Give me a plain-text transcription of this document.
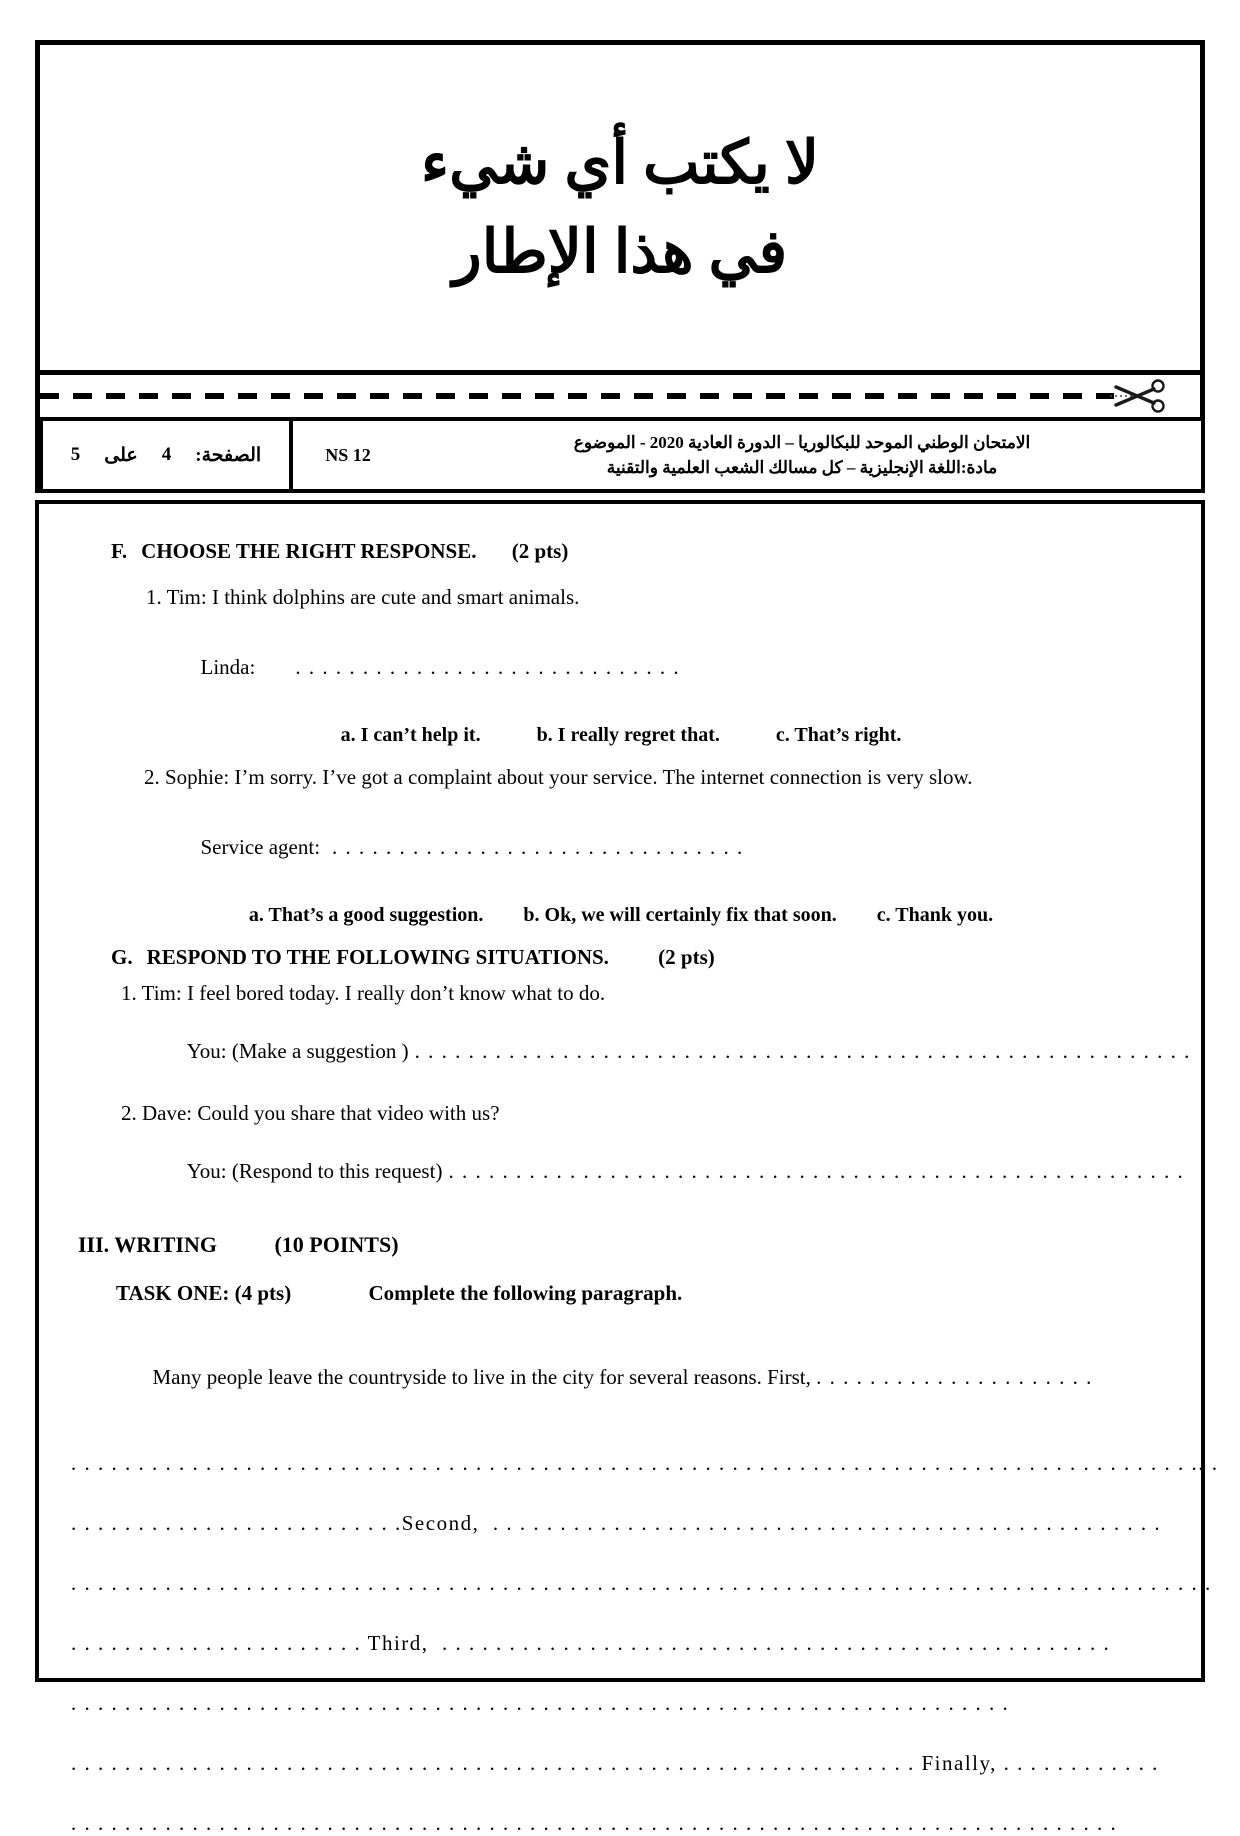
لا يكتب أي شيء
في هذا الإطار
الصفحة:
4
على
5	NS 12
الامتحان الوطني الموحد للبكالوريا – الدورة العادية 2020 - الموضوع
مادة:اللغة الإنجليزية – كل مسالك الشعب العلمية والتقنية
F. CHOOSE THE RIGHT RESPONSE. (2 pts)
1. Tim: I think dolphins are cute and smart animals.

Linda: . . . . . . . . . . . . . . . . . . . . . . . . . . . . .

a. I can’t help it.	b. I really regret that.	c. That’s right.
2. Sophie: I’m sorry. I’ve got a complaint about your service. The internet connection is very slow.

Service agent: . . . . . . . . . . . . . . . . . . . . . . . . . . . . . . .

a. That’s a good suggestion. b. Ok, we will certainly fix that soon. c. Thank you.
G. RESPOND TO THE FOLLOWING SITUATIONS. (2 pts)
1. Tim: I feel bored today. I really don’t know what to do.

You: (Make a suggestion ) . . . . . . . . . . . . . . . . . . . . . . . . . . . . . . . . . . . . . . . . . . . . . . . . . . . . . . . . . .

2. Dave: Could you share that video with us?

You: (Respond to this request) . . . . . . . . . . . . . . . . . . . . . . . . . . . . . . . . . . . . . . . . . . . . . . . . . . . . . . .

III. WRITING	(10 POINTS)
TASK ONE: (4 pts)	Complete the following paragraph.

Many people leave the countryside to live in the city for several reasons. First, . . . . . . . . . . . . . . . . . . . . .

. . . . . . . . . . . . . . . . . . . . . . . . . . . . . . . . . . . . . . . . . . . . . . . . . . . . . . . . . . . . . . . . . . . . . . . . . . . . . . . . . . . .. .
. . . . . . . . . . . . . . . . . . . . . . . . .Second,  . . . . . . . . . . . . . . . . . . . . . . . . . . . . . . . . . . . . . . . . . . . . . . . . . .
. . . . . . . . . . . . . . . . . . . . . . . . . . . . . . . . . . . . . . . . . . . . . . . . . . . . . . . . . . . . . . . . . . . . . . . . . . . . . . . . . . . . .
. . . . . . . . . . . . . . . . . . . . . . Third,  . . . . . . . . . . . . . . . . . . . . . . . . . . . . . . . . . . . . . . . . . . . . . . . . . .
. . . . . . . . . . . . . . . . . . . . . . . . . . . . . . . . . . . . . . . . . . . . . . . . . . . . . . . . . . . . . . . . . . . . . .
. . . . . . . . . . . . . . . . . . . . . . . . . . . . . . . . . . . . . . . . . . . . . . . . . . . . . . . . . . . . . . . Finally, . . . . . . . . . . . .
. . . . . . . . . . . . . . . . . . . . . . . . . . . . . . . . . . . . . . . . . . . . . . . . . . . . . . . . . . . . . . . . . . . . . . . . . . . . . .
